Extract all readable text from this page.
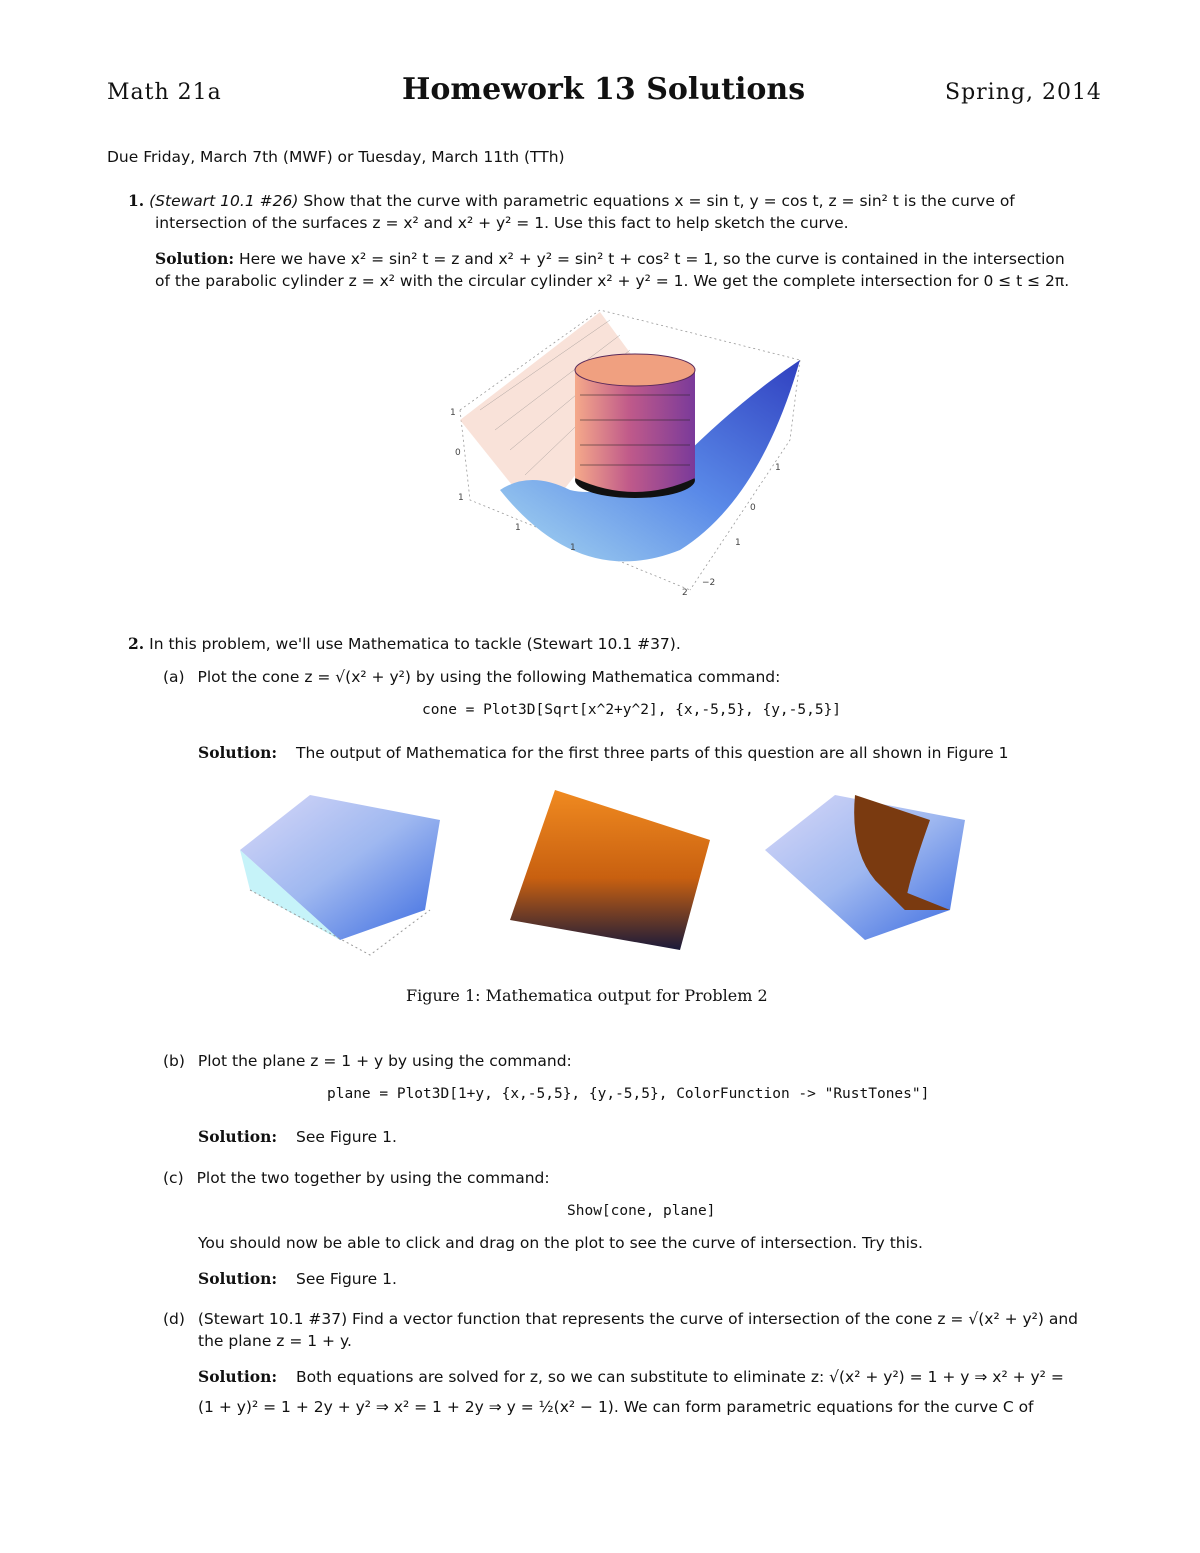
Math 21a	Homework 13 Solutions	Spring, 2014
Due Friday, March 7th (MWF) or Tuesday, March 11th (TTh)
1. (Stewart 10.1 #26) Show that the curve with parametric equations x = sin t, y = cos t, z = sin² t is the curve of
intersection of the surfaces z = x² and x² + y² = 1. Use this fact to help sketch the curve.
Solution: Here we have x² = sin² t = z and x² + y² = sin² t + cos² t = 1, so the curve is contained in the intersection
of the parabolic cylinder z = x² with the circular cylinder x² + y² = 1. We get the complete intersection for 0 ≤ t ≤ 2π.
1
0
1
1
1
2
1
0
1
−2
2. In this problem, we'll use Mathematica to tackle (Stewart 10.1 #37).
(a) Plot the cone z = √(x² + y²) by using the following Mathematica command:
cone = Plot3D[Sqrt[x^2+y^2], {x,-5,5}, {y,-5,5}]
Solution: The output of Mathematica for the first three parts of this question are all shown in Figure 1
Figure 1: Mathematica output for Problem 2
(b) Plot the plane z = 1 + y by using the command:
plane = Plot3D[1+y, {x,-5,5}, {y,-5,5}, ColorFunction -> "RustTones"]
Solution: See Figure 1.
(c) Plot the two together by using the command:
Show[cone, plane]
You should now be able to click and drag on the plot to see the curve of intersection. Try this.
Solution: See Figure 1.
(d) (Stewart 10.1 #37) Find a vector function that represents the curve of intersection of the cone z = √(x² + y²) and
the plane z = 1 + y.
Solution: Both equations are solved for z, so we can substitute to eliminate z: √(x² + y²) = 1 + y ⇒ x² + y² =
(1 + y)² = 1 + 2y + y² ⇒ x² = 1 + 2y ⇒ y = ½(x² − 1). We can form parametric equations for the curve C of
